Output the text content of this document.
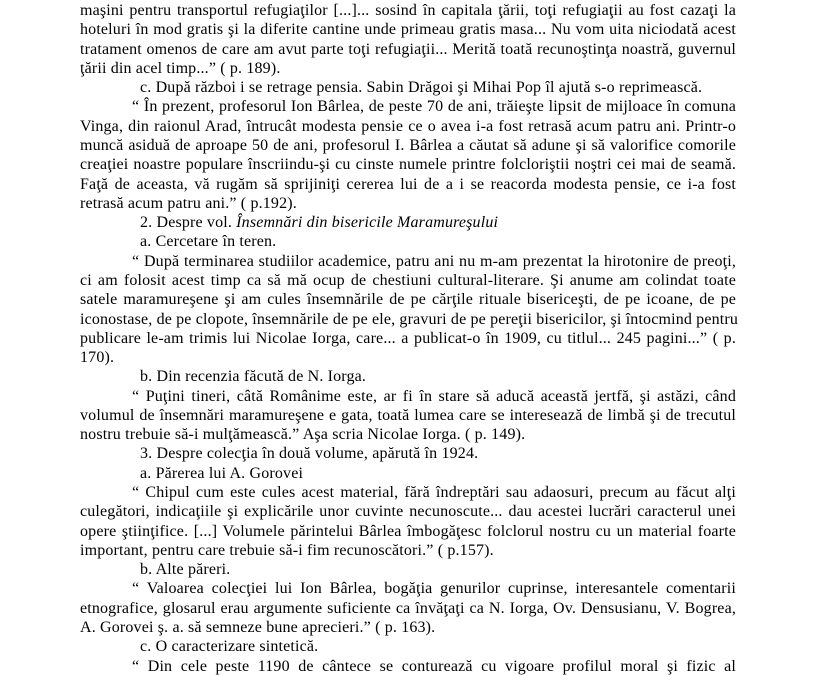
maşini pentru transportul refugiaţilor [...]... sosind în capitala ţării, toţi refugiaţii au fost cazaţi la
hoteluri în mod gratis şi la diferite cantine unde primeau gratis masa... Nu vom uita niciodată acest
tratament omenos de care am avut parte toţi refugiaţii... Merită toată recunoştinţa noastră, guvernul
ţării din acel timp...” ( p. 189).
c. După război i se retrage pensia. Sabin Drăgoi şi Mihai Pop îl ajută s-o reprimească.
“ În prezent, profesorul Ion Bârlea, de peste 70 de ani, trăieşte lipsit de mijloace în comuna
Vinga, din raionul Arad, întrucât modesta pensie ce o avea i-a fost retrasă acum patru ani. Printr-o
muncă asiduă de aproape 50 de ani, profesorul I. Bârlea a căutat să adune şi să valorifice comorile
creaţiei noastre populare înscriindu-şi cu cinste numele printre folcloriştii noştri cei mai de seamă.
Faţă de aceasta, vă rugăm să sprijiniţi cererea lui de a i se reacorda modesta pensie, ce i-a fost
retrasă acum patru ani.” ( p.192).
2. Despre vol. Însemnări din bisericile Maramureşului
a. Cercetare în teren.
“ După terminarea studiilor academice, patru ani nu m-am prezentat la hirotonire de preoţi,
ci am folosit acest timp ca să mă ocup de chestiuni cultural-literare. Şi anume am colindat toate
satele maramureşene şi am cules însemnările de pe cărţile rituale bisericeşti, de pe icoane, de pe
iconostase, de pe clopote, însemnările de pe ele, gravuri de pe pereţii bisericilor, şi întocmind pentru
publicare le-am trimis lui Nicolae Iorga, care... a publicat-o în 1909, cu titlul... 245 pagini...” ( p.
170).
b. Din recenzia făcută de N. Iorga.
“ Puţini tineri, câtă Românime este, ar fi în stare să aducă această jertfă, şi astăzi, când
volumul de însemnări maramureşene e gata, toată lumea care se interesează de limbă şi de trecutul
nostru trebuie să-i mulţămească.” Aşa scria Nicolae Iorga. ( p. 149).
3. Despre colecţia în două volume, apărută în 1924.
a. Părerea lui A. Gorovei
“ Chipul cum este cules acest material, fără îndreptări sau adaosuri, precum au făcut alţi
culegători, indicaţiile şi explicările unor cuvinte necunoscute... dau acestei lucrări caracterul unei
opere ştiinţifice. [...] Volumele părintelui Bârlea îmbogăţesc folclorul nostru cu un material foarte
important, pentru care trebuie să-i fim recunoscători.” ( p.157).
b. Alte păreri.
“ Valoarea colecţiei lui Ion Bârlea, bogăţia genurilor cuprinse, interesantele comentarii
etnografice, glosarul erau argumente suficiente ca învăţaţi ca N. Iorga, Ov. Densusianu, V. Bogrea,
A. Gorovei ş. a. să semneze bune aprecieri.” ( p. 163).
c. O caracterizare sintetică.
“ Din cele peste 1190 de cântece se conturează cu vigoare profilul moral şi fizic al
